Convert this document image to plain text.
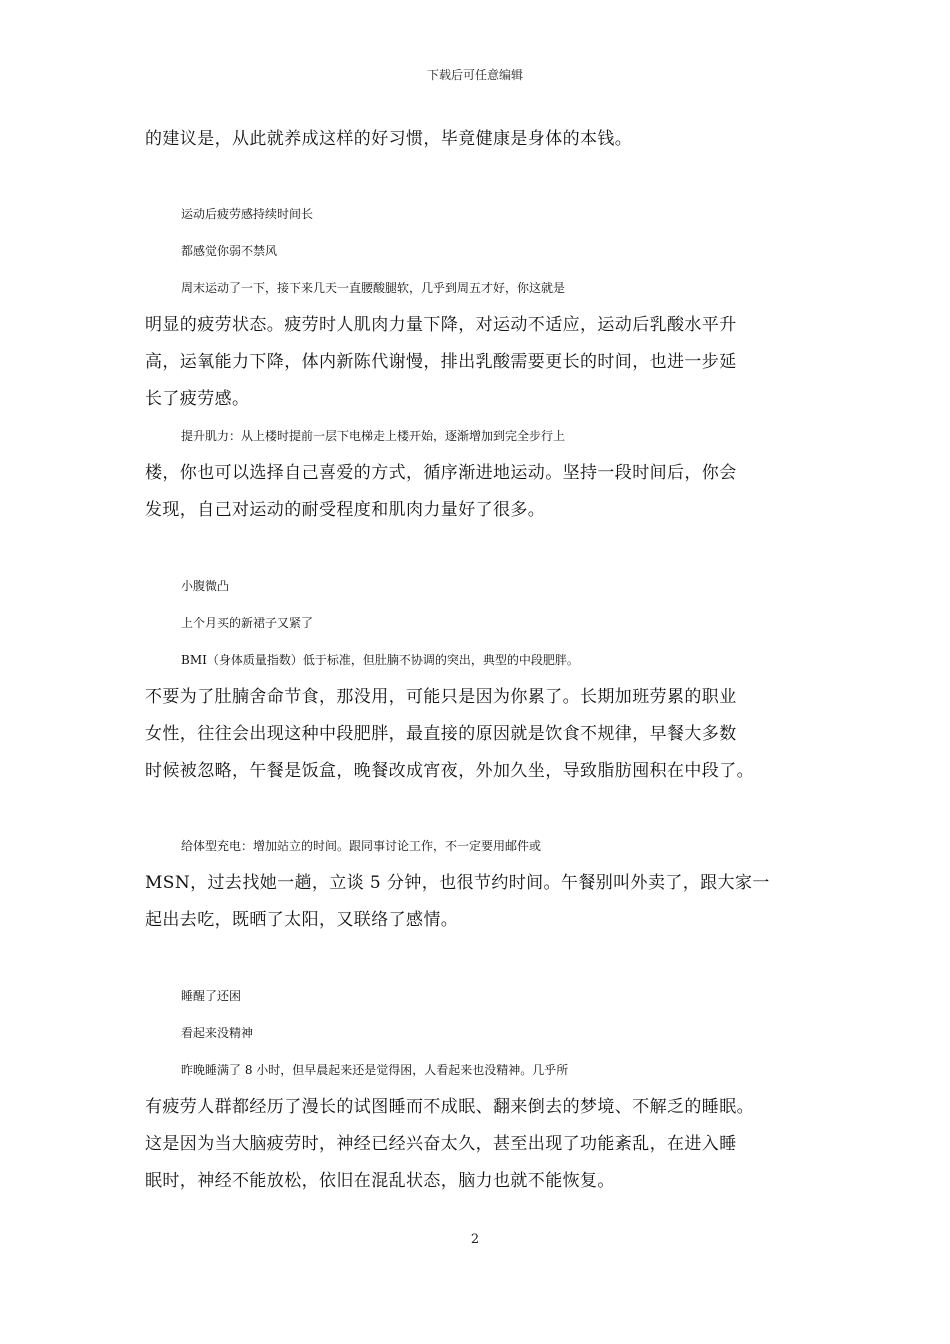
下载后可任意编辑
的建议是，从此就养成这样的好习惯，毕竟健康是身体的本钱。
运动后疲劳感持续时间长
都感觉你弱不禁风
周末运动了一下，接下来几天一直腰酸腿软，几乎到周五才好，你这就是
明显的疲劳状态。疲劳时人肌肉力量下降，对运动不适应，运动后乳酸水平升
高，运氧能力下降，体内新陈代谢慢，排出乳酸需要更长的时间，也进一步延
长了疲劳感。
提升肌力：从上楼时提前一层下电梯走上楼开始，逐渐增加到完全步行上
楼，你也可以选择自己喜爱的方式，循序渐进地运动。坚持一段时间后，你会
发现，自己对运动的耐受程度和肌肉力量好了很多。
小腹微凸
上个月买的新裙子又紧了
BMI（身体质量指数）低于标准，但肚腩不协调的突出，典型的中段肥胖。
不要为了肚腩舍命节食，那没用，可能只是因为你累了。长期加班劳累的职业
女性，往往会出现这种中段肥胖，最直接的原因就是饮食不规律，早餐大多数
时候被忽略，午餐是饭盒，晚餐改成宵夜，外加久坐，导致脂肪囤积在中段了。
给体型充电：增加站立的时间。跟同事讨论工作，不一定要用邮件或
MSN，过去找她一趟，立谈 5 分钟，也很节约时间。午餐别叫外卖了，跟大家一
起出去吃，既晒了太阳，又联络了感情。
睡醒了还困
看起来没精神
昨晚睡满了 8 小时，但早晨起来还是觉得困，人看起来也没精神。几乎所
有疲劳人群都经历了漫长的试图睡而不成眠、翻来倒去的梦境、不解乏的睡眠。
这是因为当大脑疲劳时，神经已经兴奋太久，甚至出现了功能紊乱，在进入睡
眠时，神经不能放松，依旧在混乱状态，脑力也就不能恢复。
2
